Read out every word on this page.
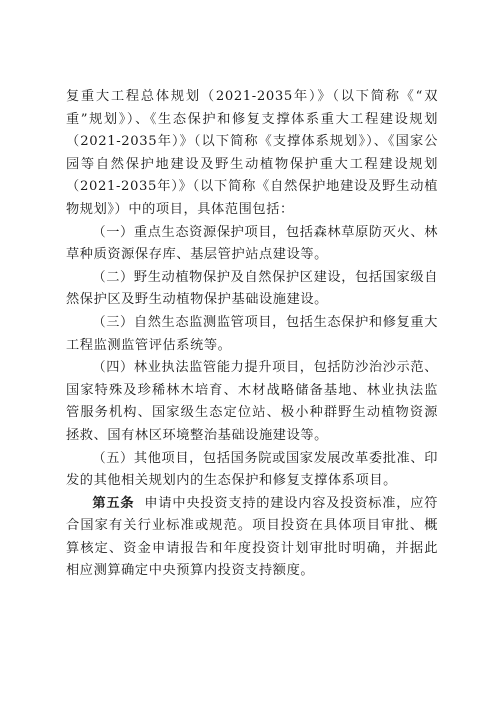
复重大工程总体规划（2021-2035年）》（以下简称《“双重”规划》）、《生态保护和修复支撑体系重大工程建设规划（2021-2035年）》（以下简称《支撑体系规划》）、《国家公园等自然保护地建设及野生动植物保护重大工程建设规划（2021-2035年）》（以下简称《自然保护地建设及野生动植物规划》）中的项目，具体范围包括：

（一）重点生态资源保护项目，包括森林草原防灭火、林草种质资源保存库、基层管护站点建设等。

（二）野生动植物保护及自然保护区建设，包括国家级自然保护区及野生动植物保护基础设施建设。

（三）自然生态监测监管项目，包括生态保护和修复重大工程监测监管评估系统等。

（四）林业执法监管能力提升项目，包括防沙治沙示范、国家特殊及珍稀林木培育、木材战略储备基地、林业执法监管服务机构、国家级生态定位站、极小种群野生动植物资源拯救、国有林区环境整治基础设施建设等。

（五）其他项目，包括国务院或国家发展改革委批准、印发的其他相关规划内的生态保护和修复支撑体系项目。

第五条 申请中央投资支持的建设内容及投资标准，应符合国家有关行业标准或规范。项目投资在具体项目审批、概算核定、资金申请报告和年度投资计划审批时明确，并据此相应测算确定中央预算内投资支持额度。
